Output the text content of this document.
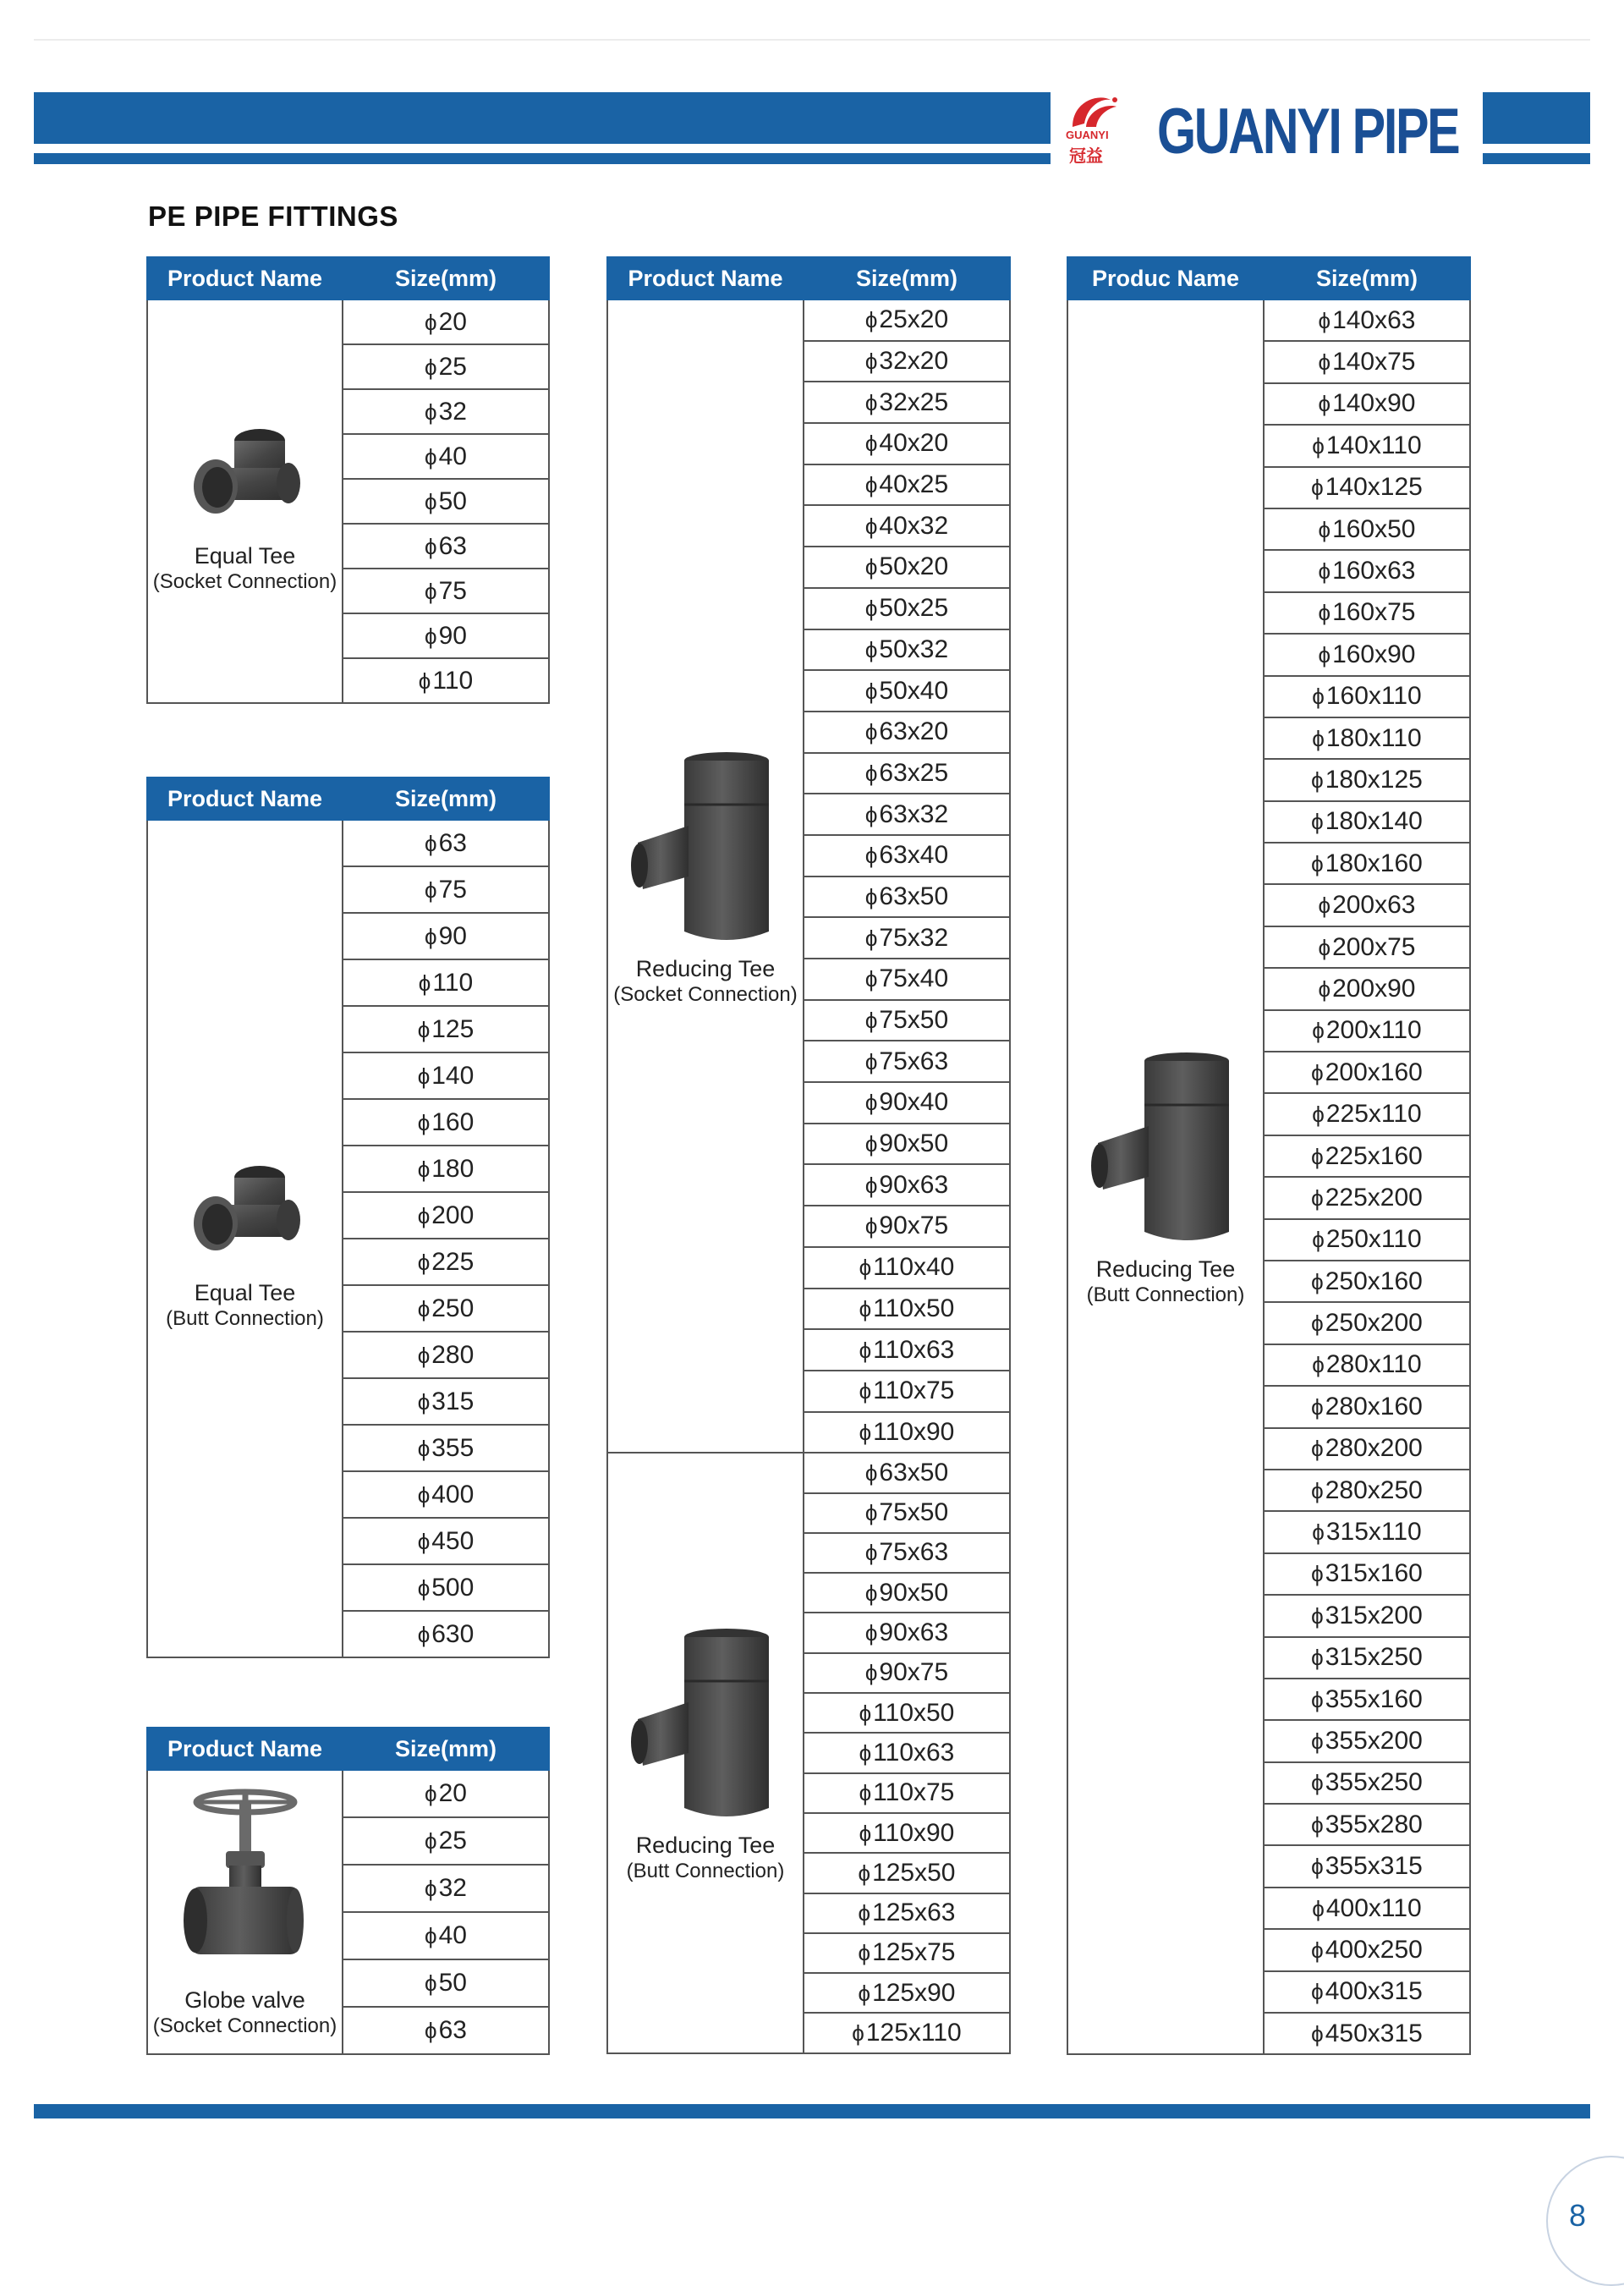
GUANYI
冠益 GUANYI PIPE
PE PIPE FITTINGS
Product Name	Size(mm)

Equal Tee
(Socket Connection)	ϕ20
	ϕ25
	ϕ32
	ϕ40
	ϕ50
	ϕ63
	ϕ75
	ϕ90
	ϕ110
Product Name	Size(mm)

Equal Tee
(Butt Connection)	ϕ63
	ϕ75
	ϕ90
	ϕ110
	ϕ125
	ϕ140
	ϕ160
	ϕ180
	ϕ200
	ϕ225
	ϕ250
	ϕ280
	ϕ315
	ϕ355
	ϕ400
	ϕ450
	ϕ500
	ϕ630
Product Name	Size(mm)

Globe valve
(Socket Connection)	ϕ20
	ϕ25
	ϕ32
	ϕ40
	ϕ50
	ϕ63
Product Name	Size(mm)

Reducing Tee
(Socket Connection)	ϕ25x20
	ϕ32x20
	ϕ32x25
	ϕ40x20
	ϕ40x25
	ϕ40x32
	ϕ50x20
	ϕ50x25
	ϕ50x32
	ϕ50x40
	ϕ63x20
	ϕ63x25
	ϕ63x32
	ϕ63x40
	ϕ63x50
	ϕ75x32
	ϕ75x40
	ϕ75x50
	ϕ75x63
	ϕ90x40
	ϕ90x50
	ϕ90x63
	ϕ90x75
	ϕ110x40
	ϕ110x50
	ϕ110x63
	ϕ110x75
	ϕ110x90

Reducing Tee
(Butt Connection)	ϕ63x50
	ϕ75x50
	ϕ75x63
	ϕ90x50
	ϕ90x63
	ϕ90x75
	ϕ110x50
	ϕ110x63
	ϕ110x75
	ϕ110x90
	ϕ125x50
	ϕ125x63
	ϕ125x75
	ϕ125x90
	ϕ125x110
Produc Name	Size(mm)

Reducing Tee
(Butt Connection)	ϕ140x63
	ϕ140x75
	ϕ140x90
	ϕ140x110
	ϕ140x125
	ϕ160x50
	ϕ160x63
	ϕ160x75
	ϕ160x90
	ϕ160x110
	ϕ180x110
	ϕ180x125
	ϕ180x140
	ϕ180x160
	ϕ200x63
	ϕ200x75
	ϕ200x90
	ϕ200x110
	ϕ200x160
	ϕ225x110
	ϕ225x160
	ϕ225x200
	ϕ250x110
	ϕ250x160
	ϕ250x200
	ϕ280x110
	ϕ280x160
	ϕ280x200
	ϕ280x250
	ϕ315x110
	ϕ315x160
	ϕ315x200
	ϕ315x250
	ϕ355x160
	ϕ355x200
	ϕ355x250
	ϕ355x280
	ϕ355x315
	ϕ400x110
	ϕ400x250
	ϕ400x315
	ϕ450x315
8
